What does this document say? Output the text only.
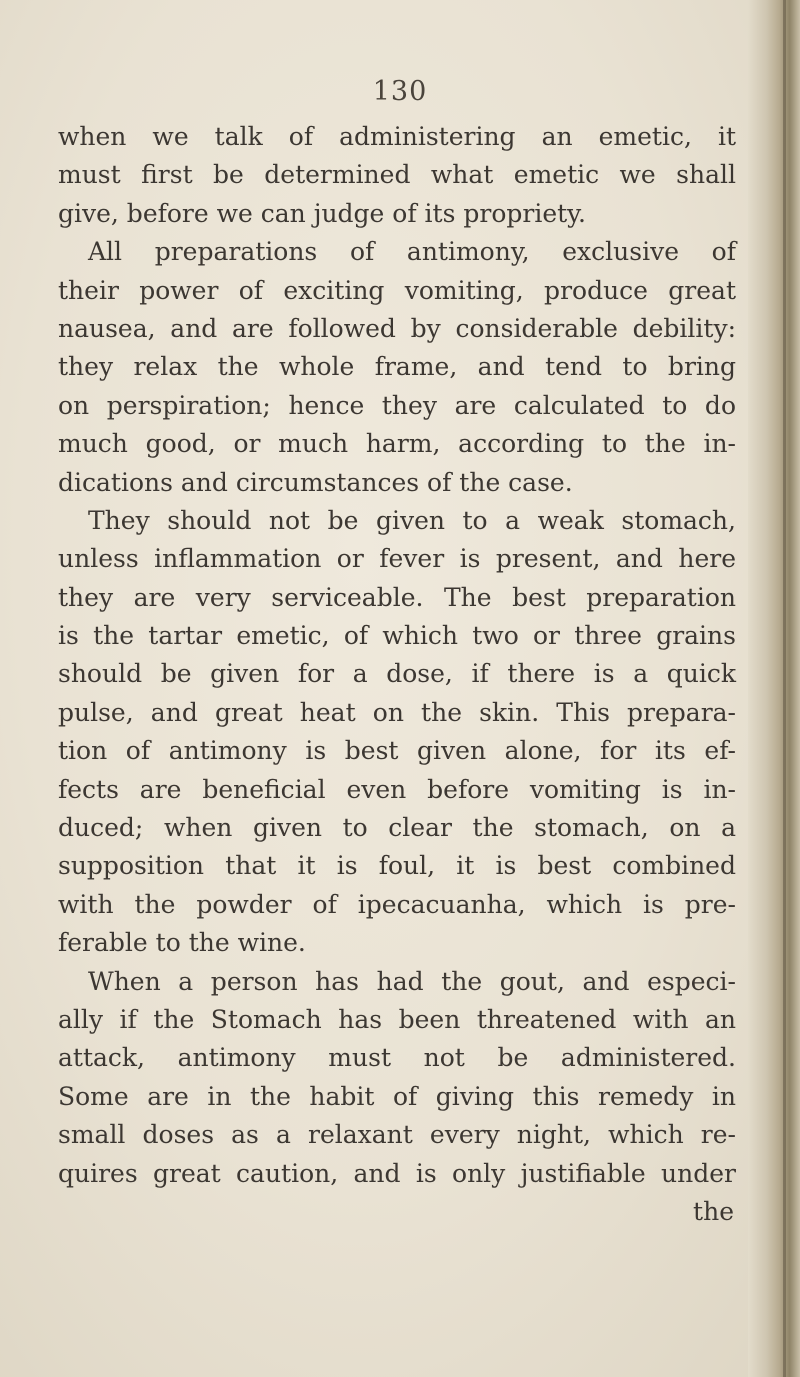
130
when we talk of administering an emetic, it
must first be determined what emetic we shall
give, before we can judge of its propriety.
All preparations of antimony, exclusive of
their power of exciting vomiting, produce great
nausea, and are followed by considerable debility:
they relax the whole frame, and tend to bring
on perspiration; hence they are calculated to do
much good, or much harm, according to the in-
dications and circumstances of the case.
They should not be given to a weak stomach,
unless inflammation or fever is present, and here
they are very serviceable. The best preparation
is the tartar emetic, of which two or three grains
should be given for a dose, if there is a quick
pulse, and great heat on the skin. This prepara-
tion of antimony is best given alone, for its ef-
fects are beneficial even before vomiting is in-
duced; when given to clear the stomach, on a
supposition that it is foul, it is best combined
with the powder of ipecacuanha, which is pre-
ferable to the wine.
When a person has had the gout, and especi-
ally if the Stomach has been threatened with an
attack, antimony must not be administered.
Some are in the habit of giving this remedy in
small doses as a relaxant every night, which re-
quires great caution, and is only justifiable under
the
